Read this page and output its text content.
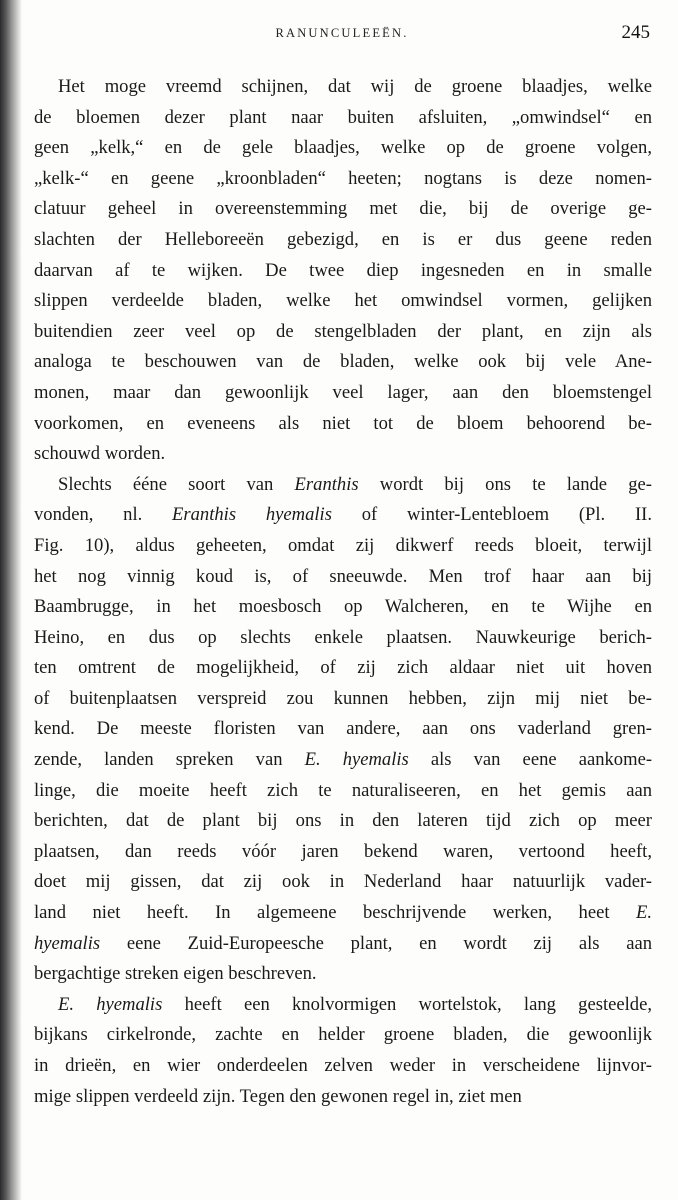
RANUNCULEEËN.	245
Het moge vreemd schijnen, dat wij de groene blaadjes, welke
de bloemen dezer plant naar buiten afsluiten, „omwindsel“ en
geen „kelk,“ en de gele blaadjes, welke op de groene volgen,
„kelk-“ en geene „kroonbladen“ heeten; nogtans is deze nomen-
clatuur geheel in overeenstemming met die, bij de overige ge-
slachten der Helleboreeën gebezigd, en is er dus geene reden
daarvan af te wijken. De twee diep ingesneden en in smalle
slippen verdeelde bladen, welke het omwindsel vormen, gelijken
buitendien zeer veel op de stengelbladen der plant, en zijn als
analoga te beschouwen van de bladen, welke ook bij vele Ane-
monen, maar dan gewoonlijk veel lager, aan den bloemstengel
voorkomen, en eveneens als niet tot de bloem behoorend be-
schouwd worden.
Slechts ééne soort van Eranthis wordt bij ons te lande ge-
vonden, nl. Eranthis hyemalis of winter-Lentebloem (Pl. II.
Fig. 10), aldus geheeten, omdat zij dikwerf reeds bloeit, terwijl
het nog vinnig koud is, of sneeuwde. Men trof haar aan bij
Baambrugge, in het moesbosch op Walcheren, en te Wijhe en
Heino, en dus op slechts enkele plaatsen. Nauwkeurige berich-
ten omtrent de mogelijkheid, of zij zich aldaar niet uit hoven
of buitenplaatsen verspreid zou kunnen hebben, zijn mij niet be-
kend. De meeste floristen van andere, aan ons vaderland gren-
zende, landen spreken van E. hyemalis als van eene aankome-
linge, die moeite heeft zich te naturaliseeren, en het gemis aan
berichten, dat de plant bij ons in den lateren tijd zich op meer
plaatsen, dan reeds vóór jaren bekend waren, vertoond heeft,
doet mij gissen, dat zij ook in Nederland haar natuurlijk vader-
land niet heeft. In algemeene beschrijvende werken, heet E.
hyemalis eene Zuid-Europeesche plant, en wordt zij als aan
bergachtige streken eigen beschreven.
E. hyemalis heeft een knolvormigen wortelstok, lang gesteelde,
bijkans cirkelronde, zachte en helder groene bladen, die gewoonlijk
in drieën, en wier onderdeelen zelven weder in verscheidene lijnvor-
mige slippen verdeeld zijn. Tegen den gewonen regel in, ziet men
